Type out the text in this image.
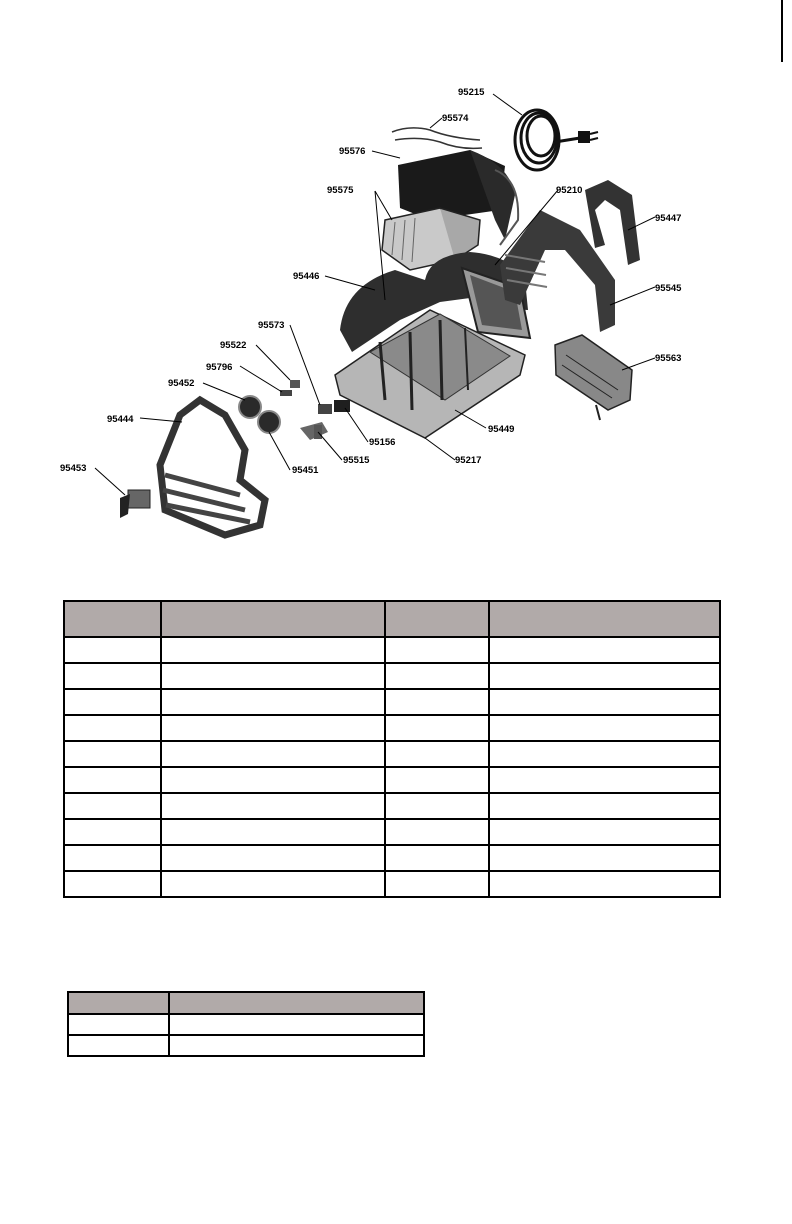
95215
95574
95576
95575	95210
95447
95446
95545
95573
95522
95563
95796
95452
95444
95449
95156
95515	95217
95451
95453
